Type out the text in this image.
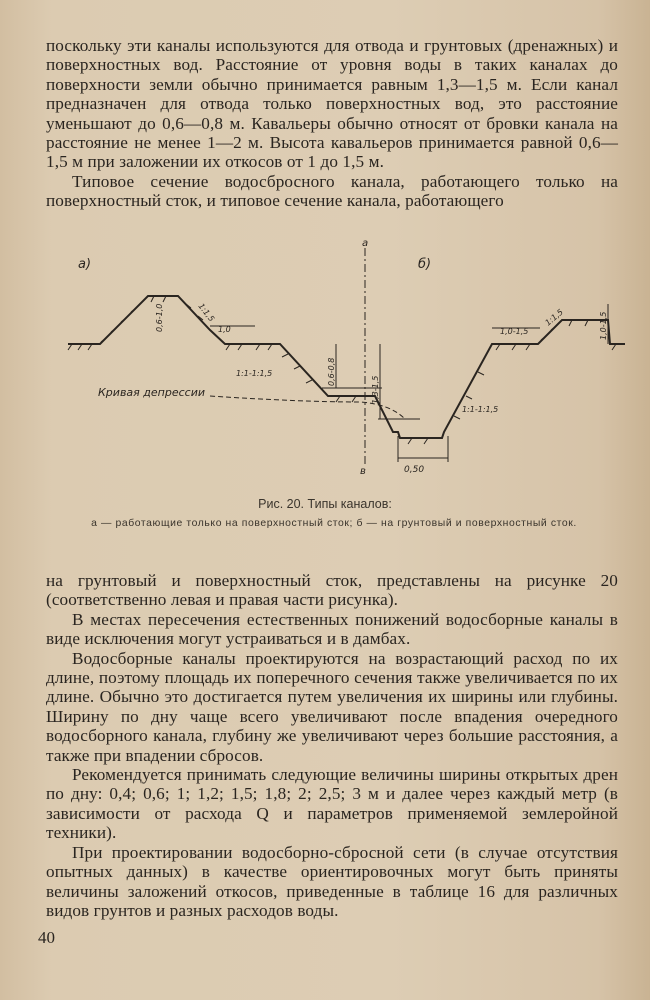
поскольку эти каналы используются для отвода и грунтовых (дренажных) и поверхностных вод. Расстояние от уровня воды в таких каналах до поверхности земли обычно принимается равным 1,3—1,5 м. Если канал предназначен для отвода только поверхностных вод, это расстояние уменьшают до 0,6—0,8 м. Кавальеры обычно относят от бровки канала на расстояние не менее 1—2 м. Высота кавальеров принимается равной 0,6—1,5 м при заложении их откосов от 1 до 1,5 м.

Типовое сечение водосбросного канала, работающего только на поверхностный сток, и типовое сечение канала, работающего

а)	б)
а
в
0,6-1,0	1:1,5
1,0
0,6-0,8
1:1-1:1,5
1,3-1,5
0,50
1:1-1:1,5
1,0-1,5
1:1,5	1,0-1,5
Кривая депрессии
Рис. 20. Типы каналов:
а — работающие только на поверхностный сток; б — на грунтовый и поверхностный сток.

на грунтовый и поверхностный сток, представлены на рисунке 20 (соответственно левая и правая части рисунка).

В местах пересечения естественных понижений водосборные каналы в виде исключения могут устраиваться и в дамбах.

Водосборные каналы проектируются на возрастающий расход по их длине, поэтому площадь их поперечного сечения также увеличивается по их длине. Обычно это достигается путем увеличения их ширины или глубины. Ширину по дну чаще всего увеличивают после впадения очередного водосборного канала, глубину же увеличивают через большие расстояния, а также при впадении сбросов.

Рекомендуется принимать следующие величины ширины открытых дрен по дну: 0,4; 0,6; 1; 1,2; 1,5; 1,8; 2; 2,5; 3 м и далее через каждый метр (в зависимости от расхода Q и параметров применяемой землеройной техники).

При проектировании водосборно-сбросной сети (в случае отсутствия опытных данных) в качестве ориентировочных могут быть приняты величины заложений откосов, приведенные в таблице 16 для различных видов грунтов и разных расходов воды.

40
